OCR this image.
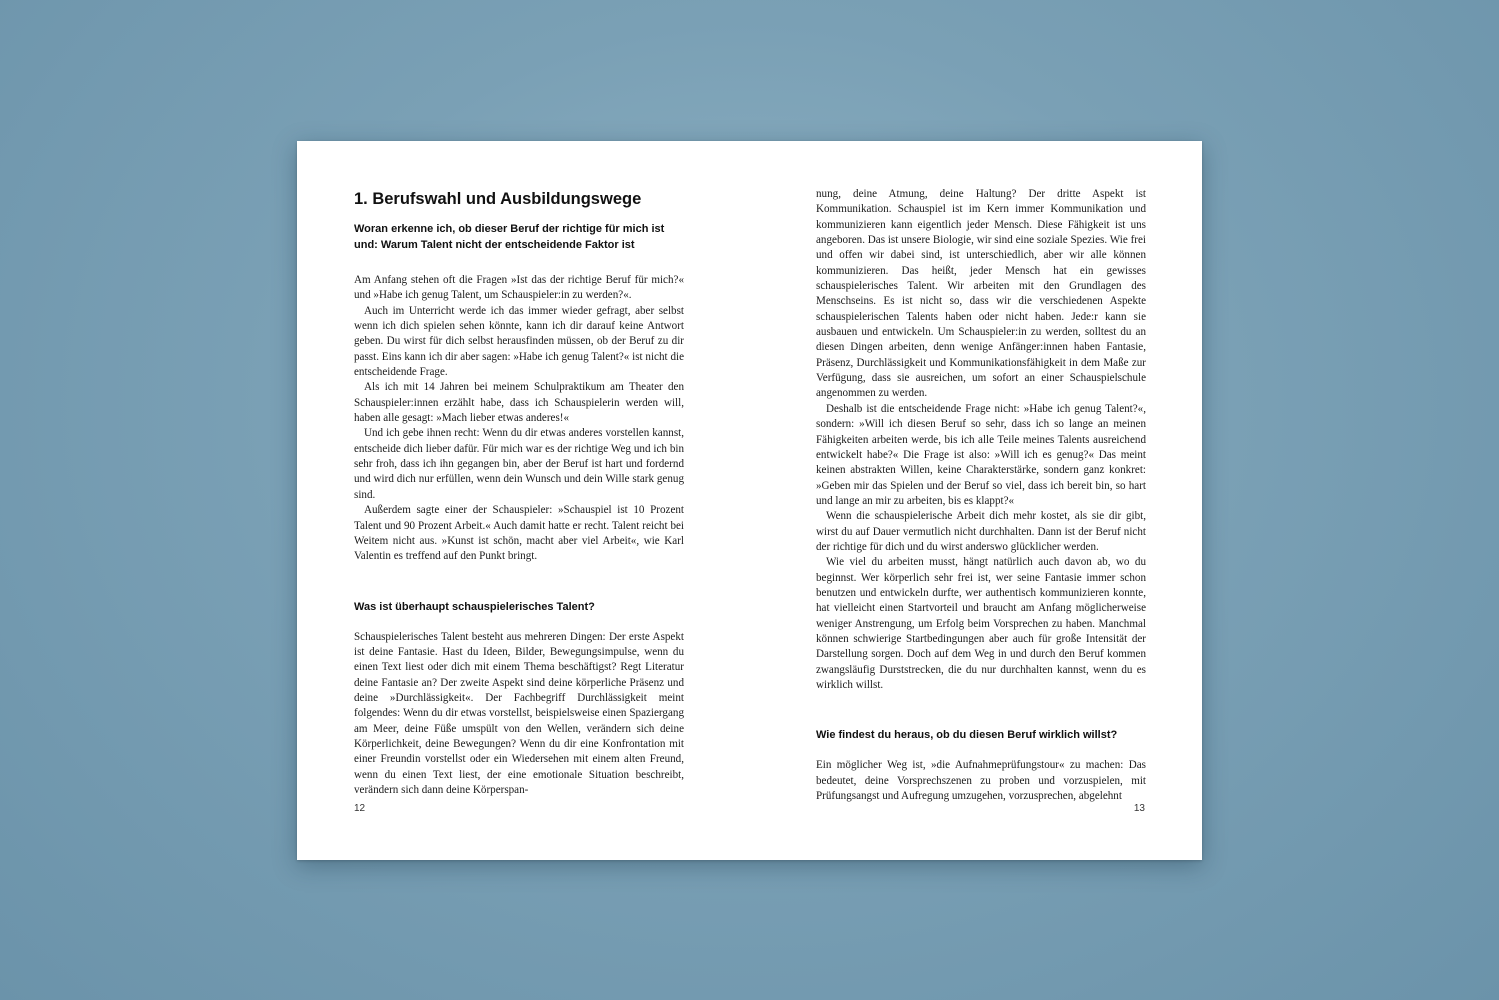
1. Berufswahl und Ausbildungswege
Woran erkenne ich, ob dieser Beruf der richtige für mich ist und: Warum Talent nicht der entscheidende Faktor ist

Am Anfang stehen oft die Fragen »Ist das der richtige Beruf für mich?« und »Habe ich genug Talent, um Schauspieler:in zu werden?«.

Auch im Unterricht werde ich das immer wieder gefragt, aber selbst wenn ich dich spielen sehen könnte, kann ich dir darauf keine Antwort geben. Du wirst für dich selbst herausfinden müssen, ob der Beruf zu dir passt. Eins kann ich dir aber sagen: »Habe ich genug Talent?« ist nicht die entscheidende Frage.

Als ich mit 14 Jahren bei meinem Schulpraktikum am Theater den Schauspieler:innen erzählt habe, dass ich Schauspielerin werden will, haben alle gesagt: »Mach lieber etwas anderes!«

Und ich gebe ihnen recht: Wenn du dir etwas anderes vorstellen kannst, entscheide dich lieber dafür. Für mich war es der richtige Weg und ich bin sehr froh, dass ich ihn gegangen bin, aber der Beruf ist hart und fordernd und wird dich nur erfüllen, wenn dein Wunsch und dein Wille stark genug sind.

Außerdem sagte einer der Schauspieler: »Schauspiel ist 10 Prozent Talent und 90 Prozent Arbeit.« Auch damit hatte er recht. Talent reicht bei Weitem nicht aus. »Kunst ist schön, macht aber viel Arbeit«, wie Karl Valentin es treffend auf den Punkt bringt.

Was ist überhaupt schauspielerisches Talent?

Schauspielerisches Talent besteht aus mehreren Dingen: Der erste Aspekt ist deine Fantasie. Hast du Ideen, Bilder, Bewegungsimpulse, wenn du einen Text liest oder dich mit einem Thema beschäftigst? Regt Literatur deine Fantasie an? Der zweite Aspekt sind deine körperliche Präsenz und deine »Durchlässigkeit«. Der Fachbegriff Durchlässigkeit meint folgendes: Wenn du dir etwas vorstellst, beispielsweise einen Spaziergang am Meer, deine Füße umspült von den Wellen, verändern sich deine Körperlichkeit, deine Bewegungen? Wenn du dir eine Konfrontation mit einer Freundin vorstellst oder ein Wiedersehen mit einem alten Freund, wenn du einen Text liest, der eine emotionale Situation beschreibt, verändern sich dann deine Körperspan-

12

nung, deine Atmung, deine Haltung? Der dritte Aspekt ist Kommunikation. Schauspiel ist im Kern immer Kommunikation und kommunizieren kann eigentlich jeder Mensch. Diese Fähigkeit ist uns angeboren. Das ist unsere Biologie, wir sind eine soziale Spezies. Wie frei und offen wir dabei sind, ist unterschiedlich, aber wir alle können kommunizieren. Das heißt, jeder Mensch hat ein gewisses schauspielerisches Talent. Wir arbeiten mit den Grundlagen des Menschseins. Es ist nicht so, dass wir die verschiedenen Aspekte schauspielerischen Talents haben oder nicht haben. Jede:r kann sie ausbauen und entwickeln. Um Schauspieler:in zu werden, solltest du an diesen Dingen arbeiten, denn wenige Anfänger:innen haben Fantasie, Präsenz, Durchlässigkeit und Kommunikationsfähigkeit in dem Maße zur Verfügung, dass sie ausreichen, um sofort an einer Schauspielschule angenommen zu werden.

Deshalb ist die entscheidende Frage nicht: »Habe ich genug Talent?«, sondern: »Will ich diesen Beruf so sehr, dass ich so lange an meinen Fähigkeiten arbeiten werde, bis ich alle Teile meines Talents ausreichend entwickelt habe?« Die Frage ist also: »Will ich es genug?« Das meint keinen abstrakten Willen, keine Charakterstärke, sondern ganz konkret: »Geben mir das Spielen und der Beruf so viel, dass ich bereit bin, so hart und lange an mir zu arbeiten, bis es klappt?«

Wenn die schauspielerische Arbeit dich mehr kostet, als sie dir gibt, wirst du auf Dauer vermutlich nicht durchhalten. Dann ist der Beruf nicht der richtige für dich und du wirst anderswo glücklicher werden.

Wie viel du arbeiten musst, hängt natürlich auch davon ab, wo du beginnst. Wer körperlich sehr frei ist, wer seine Fantasie immer schon benutzen und entwickeln durfte, wer authentisch kommunizieren konnte, hat vielleicht einen Startvorteil und braucht am Anfang möglicherweise weniger Anstrengung, um Erfolg beim Vorsprechen zu haben. Manchmal können schwierige Startbedingungen aber auch für große Intensität der Darstellung sorgen. Doch auf dem Weg in und durch den Beruf kommen zwangsläufig Durststrecken, die du nur durchhalten kannst, wenn du es wirklich willst.

Wie findest du heraus, ob du diesen Beruf wirklich willst?

Ein möglicher Weg ist, »die Aufnahmeprüfungstour« zu machen: Das bedeutet, deine Vorsprechszenen zu proben und vorzuspielen, mit Prüfungsangst und Aufregung umzugehen, vorzusprechen, abgelehnt

13
